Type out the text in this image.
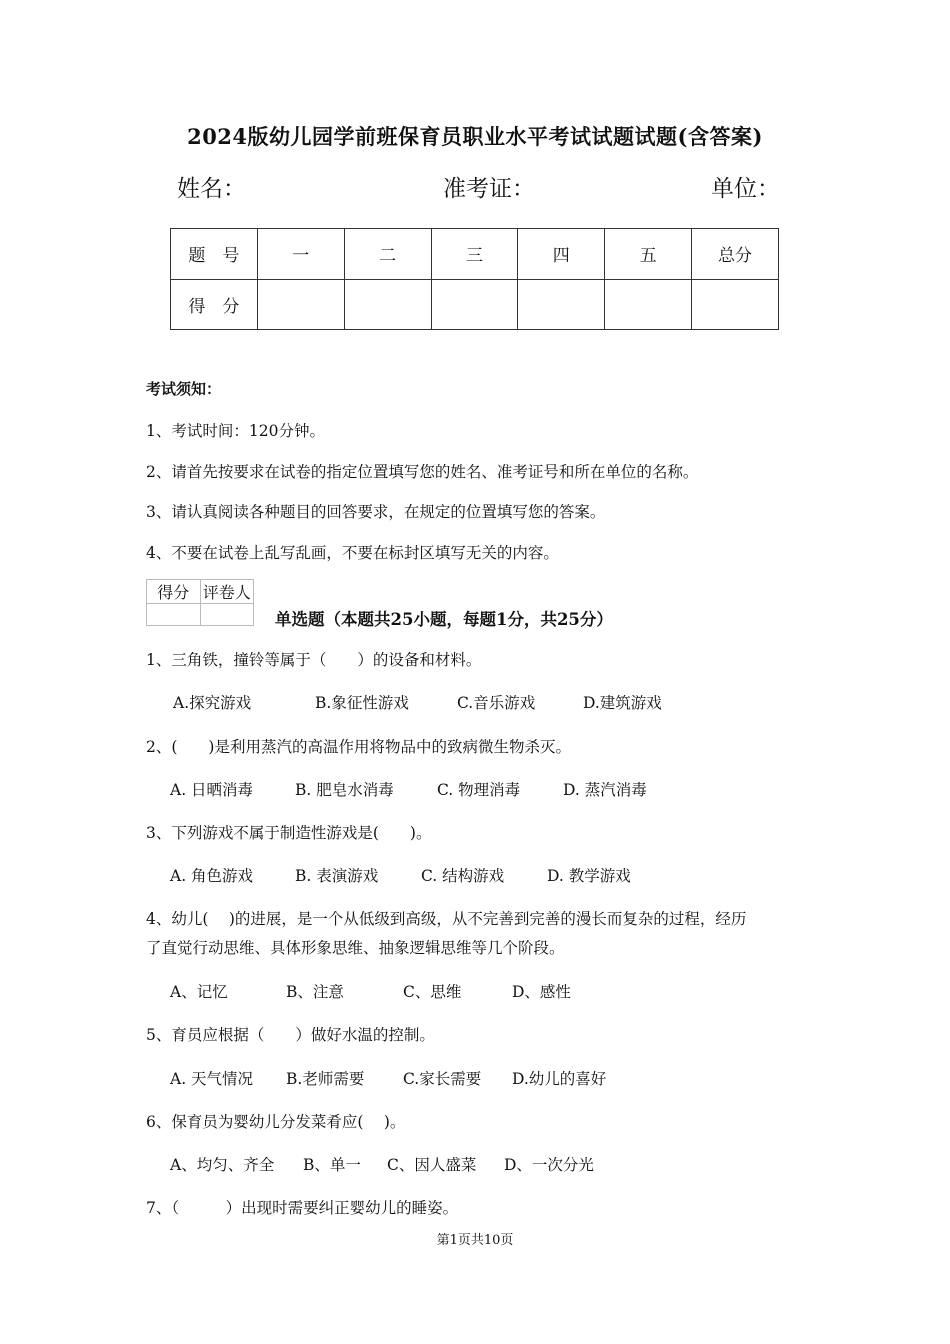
2024版幼儿园学前班保育员职业水平考试试题试题(含答案)
姓名：	准考证：	单位：
题　号	一	二	三	四	五	总分
得　分						
考试须知：
1、考试时间：120分钟。
2、请首先按要求在试卷的指定位置填写您的姓名、准考证号和所在单位的名称。
3、请认真阅读各种题目的回答要求，在规定的位置填写您的答案。
4、不要在试卷上乱写乱画，不要在标封区填写无关的内容。
得分	评卷人

单选题（本题共25小题，每题1分，共25分）
1、三角铁，撞铃等属于（　　）的设备和材料。
A.探究游戏	B.象征性游戏	C.音乐游戏	D.建筑游戏
2、(　　)是利用蒸汽的高温作用将物品中的致病微生物杀灭。
A. 日晒消毒	B. 肥皂水消毒	C. 物理消毒	D. 蒸汽消毒
3、下列游戏不属于制造性游戏是(　　)。
A. 角色游戏	B. 表演游戏	C. 结构游戏	D. 教学游戏
4、幼儿(　 )的进展，是一个从低级到高级，从不完善到完善的漫长而复杂的过程，经历
了直觉行动思维、具体形象思维、抽象逻辑思维等几个阶段。
A、记忆	B、注意	C、思维	D、感性
5、育员应根据（　　）做好水温的控制。
A. 天气情况 B.老师需要 C.家长需要 D.幼儿的喜好
6、保育员为婴幼儿分发菜肴应(　 )。
A、均匀、齐全 B、单一 C、因人盛菜 D、一次分光
7、（　　　）出现时需要纠正婴幼儿的睡姿。
第1页共10页
